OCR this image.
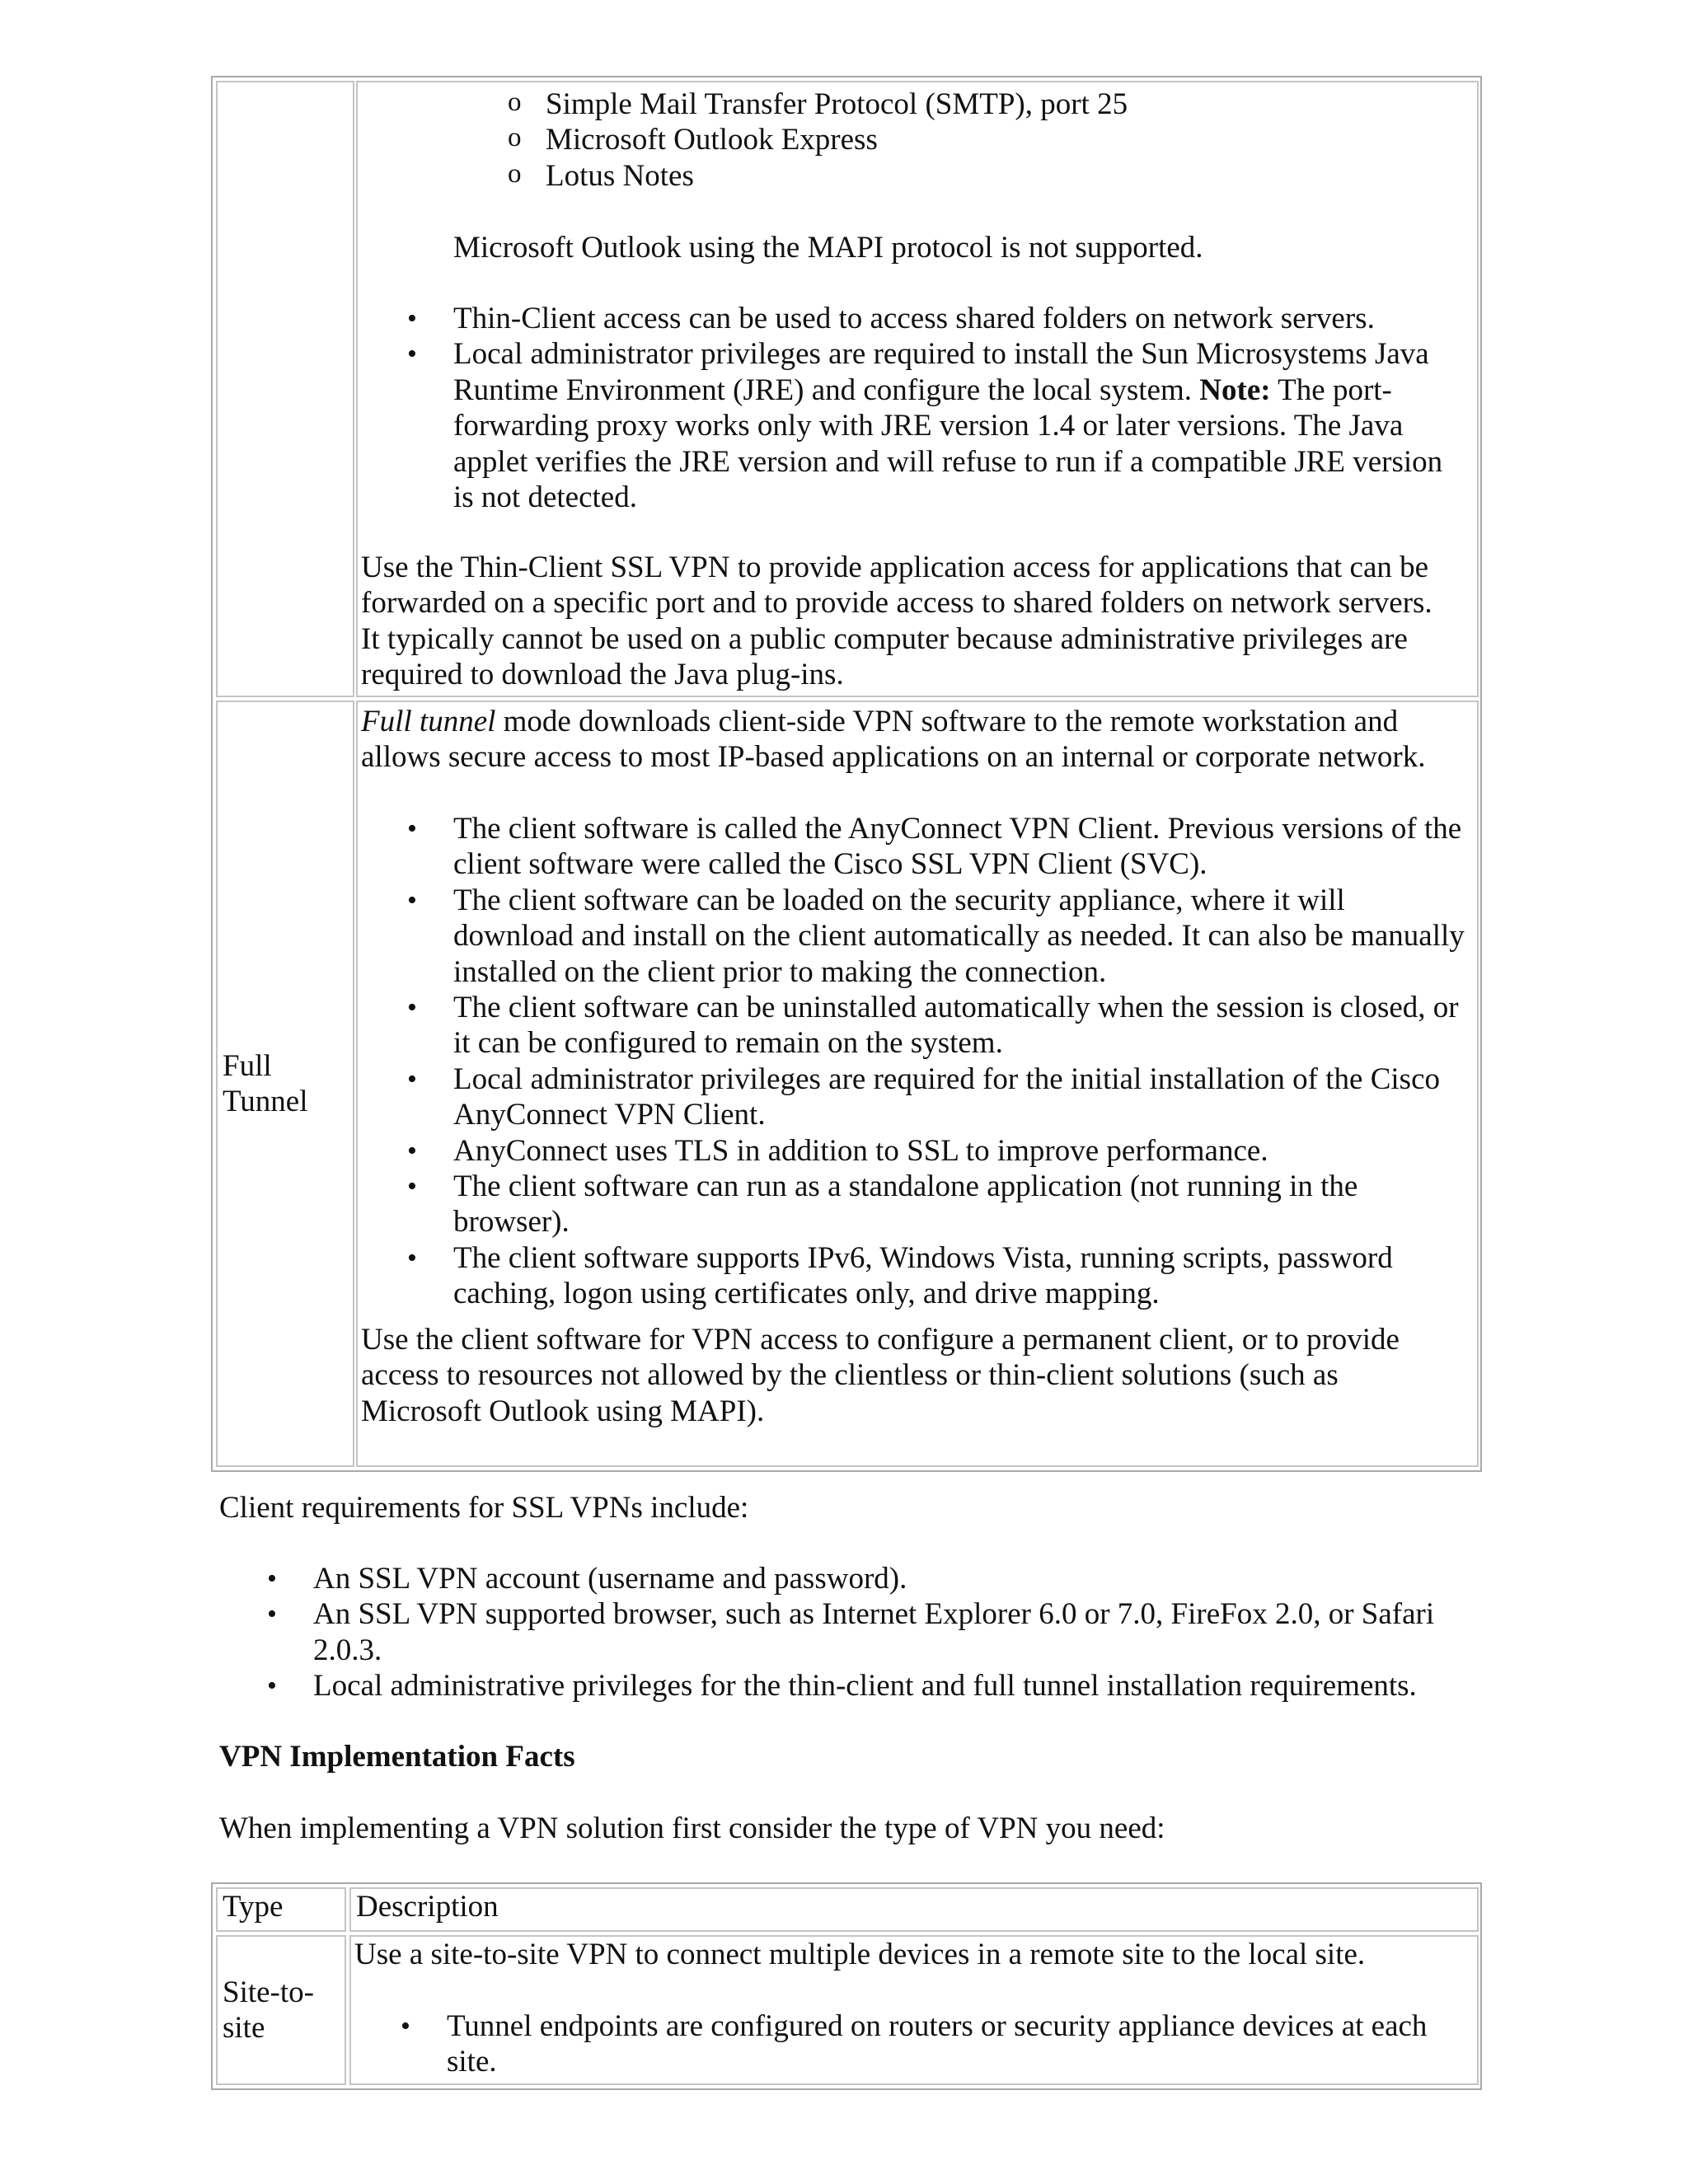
o Simple Mail Transfer Protocol (SMTP), port 25
o Microsoft Outlook Express
o Lotus Notes

Microsoft Outlook using the MAPI protocol is not supported.

• Thin-Client access can be used to access shared folders on network servers.
• Local administrator privileges are required to install the Sun Microsystems Java Runtime Environment (JRE) and configure the local system. Note: The port-forwarding proxy works only with JRE version 1.4 or later versions. The Java applet verifies the JRE version and will refuse to run if a compatible JRE version is not detected.

Use the Thin-Client SSL VPN to provide application access for applications that can be forwarded on a specific port and to provide access to shared folders on network servers. It typically cannot be used on a public computer because administrative privileges are required to download the Java plug-ins.

Full Tunnel

Full tunnel mode downloads client-side VPN software to the remote workstation and allows secure access to most IP-based applications on an internal or corporate network.

• The client software is called the AnyConnect VPN Client. Previous versions of the client software were called the Cisco SSL VPN Client (SVC).
• The client software can be loaded on the security appliance, where it will download and install on the client automatically as needed. It can also be manually installed on the client prior to making the connection.
• The client software can be uninstalled automatically when the session is closed, or it can be configured to remain on the system.
• Local administrator privileges are required for the initial installation of the Cisco AnyConnect VPN Client.
• AnyConnect uses TLS in addition to SSL to improve performance.
• The client software can run as a standalone application (not running in the browser).
• The client software supports IPv6, Windows Vista, running scripts, password caching, logon using certificates only, and drive mapping.

Use the client software for VPN access to configure a permanent client, or to provide access to resources not allowed by the clientless or thin-client solutions (such as Microsoft Outlook using MAPI).

Client requirements for SSL VPNs include:

• An SSL VPN account (username and password).
• An SSL VPN supported browser, such as Internet Explorer 6.0 or 7.0, FireFox 2.0, or Safari 2.0.3.
• Local administrative privileges for the thin-client and full tunnel installation requirements.

VPN Implementation Facts

When implementing a VPN solution first consider the type of VPN you need:

Type	Description
Site-to-site

Use a site-to-site VPN to connect multiple devices in a remote site to the local site.

• Tunnel endpoints are configured on routers or security appliance devices at each site.
